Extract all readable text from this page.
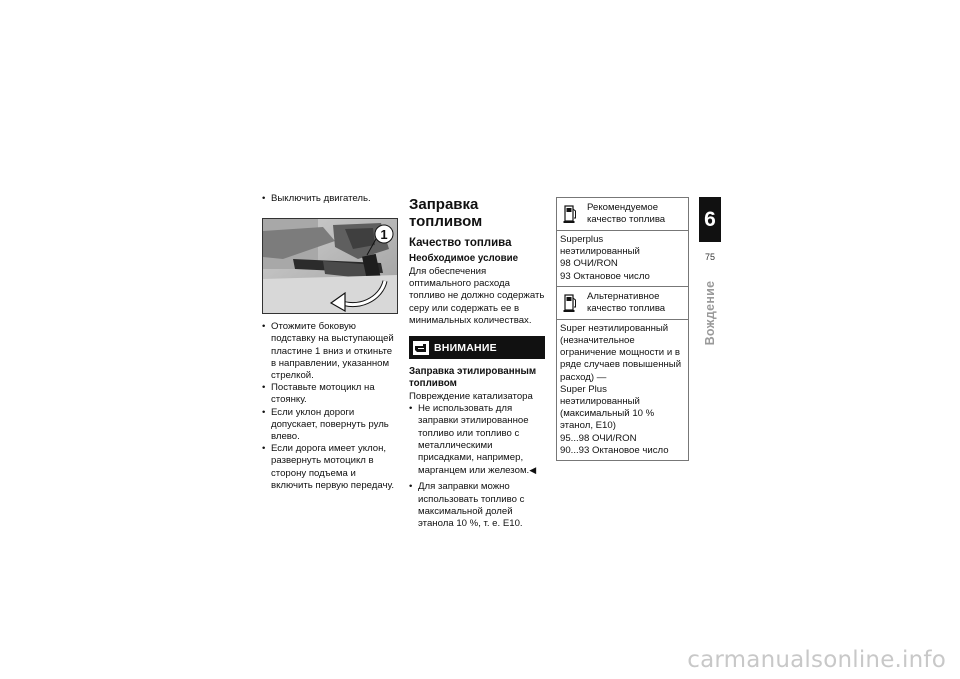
• Выключить двигатель.
1
• Отожмите боковую подставку на выступающей пластине 1 вниз и откиньте в направлении, указанном стрелкой.
• Поставьте мотоцикл на стоянку.
• Если уклон дороги допускает, повернуть руль влево.
• Если дорога имеет уклон, развернуть мотоцикл в сторону подъема и включить первую передачу.
Заправка топливом
Качество топлива
Необходимое условие
Для обеспечения оптимального расхода топливо не должно содержать серу или содержать ее в минимальных количествах.
ВНИМАНИЕ
Заправка этилированным топливом
Повреждение катализатора
• Не использовать для заправки этилированное топливо или топливо с металлическими присадками, например, марганцем или железом.◀
• Для заправки можно использовать топливо с максимальной долей этанола 10 %, т. е. E10.
Рекомендуемое качество топлива
Superplus неэтилированный
98 ОЧИ/RON
93 Октановое число
Альтернативное качество топлива
Super неэтилированный (незначительное ограничение мощности и в ряде случаев повышенный расход) —
Super Plus неэтилированный (максимальный 10 % этанол, E10)
95...98 ОЧИ/RON
90...93 Октановое число
6
75
Вождение
carmanualsonline.info
